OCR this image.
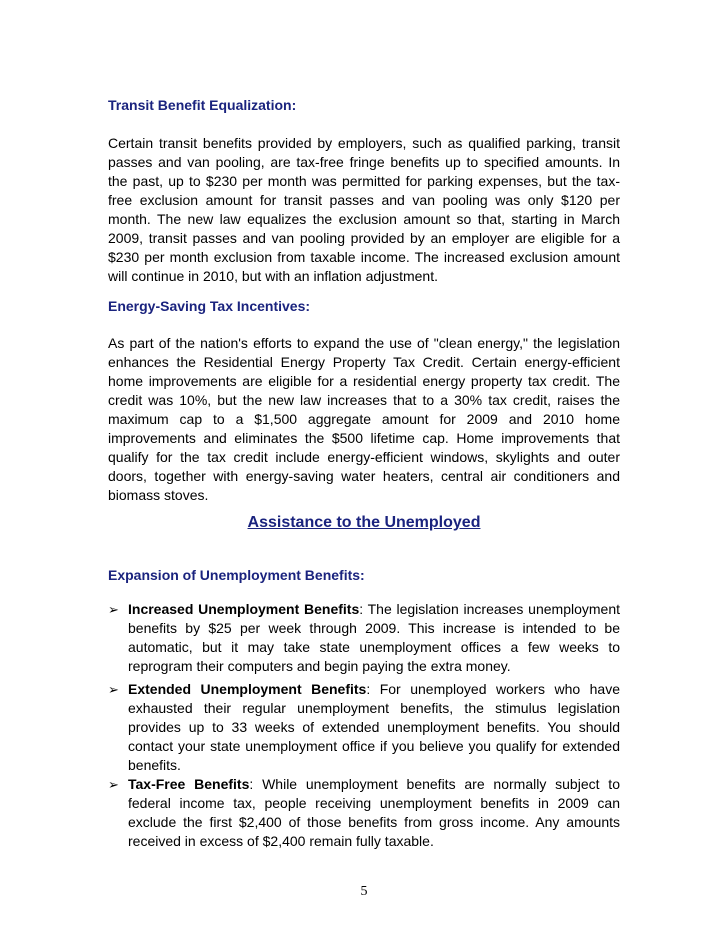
Transit Benefit Equalization:

Certain transit benefits provided by employers, such as qualified parking, transit passes and van pooling, are tax-free fringe benefits up to specified amounts. In the past, up to $230 per month was permitted for parking expenses, but the tax-free exclusion amount for transit passes and van pooling was only $120 per month. The new law equalizes the exclusion amount so that, starting in March 2009, transit passes and van pooling provided by an employer are eligible for a $230 per month exclusion from taxable income. The increased exclusion amount will continue in 2010, but with an inflation adjustment.

Energy-Saving Tax Incentives:

As part of the nation's efforts to expand the use of "clean energy," the legislation enhances the Residential Energy Property Tax Credit. Certain energy-efficient home improvements are eligible for a residential energy property tax credit. The credit was 10%, but the new law increases that to a 30% tax credit, raises the maximum cap to a $1,500 aggregate amount for 2009 and 2010 home improvements and eliminates the $500 lifetime cap. Home improvements that qualify for the tax credit include energy-efficient windows, skylights and outer doors, together with energy-saving water heaters, central air conditioners and biomass stoves.

Assistance to the Unemployed

Expansion of Unemployment Benefits:

➢ Increased Unemployment Benefits: The legislation increases unemployment benefits by $25 per week through 2009. This increase is intended to be automatic, but it may take state unemployment offices a few weeks to reprogram their computers and begin paying the extra money.
➢ Extended Unemployment Benefits: For unemployed workers who have exhausted their regular unemployment benefits, the stimulus legislation provides up to 33 weeks of extended unemployment benefits. You should contact your state unemployment office if you believe you qualify for extended benefits.
➢ Tax-Free Benefits: While unemployment benefits are normally subject to federal income tax, people receiving unemployment benefits in 2009 can exclude the first $2,400 of those benefits from gross income. Any amounts received in excess of $2,400 remain fully taxable.
5
